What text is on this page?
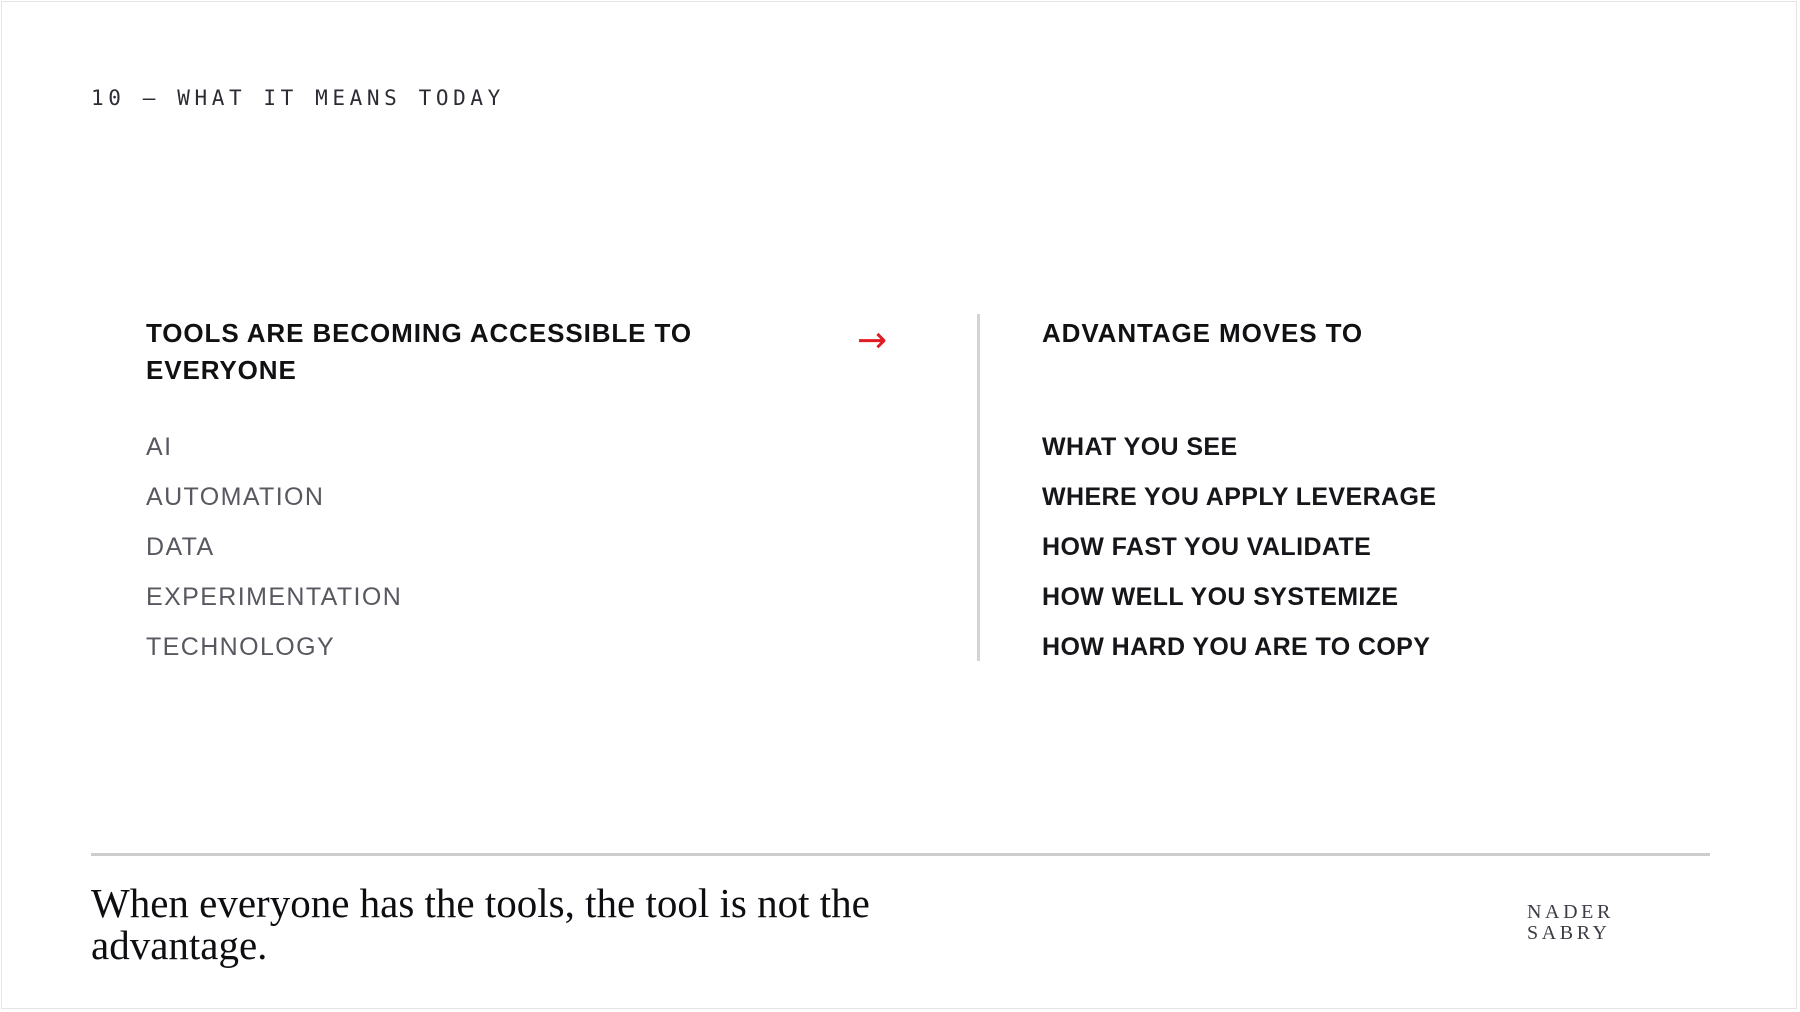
10 — WHAT IT MEANS TODAY
TOOLS ARE BECOMING ACCESSIBLE TO EVERYONE
AI
AUTOMATION
DATA
EXPERIMENTATION
TECHNOLOGY
→	ADVANTAGE MOVES TO
WHAT YOU SEE
WHERE YOU APPLY LEVERAGE
HOW FAST YOU VALIDATE
HOW WELL YOU SYSTEMIZE
HOW HARD YOU ARE TO COPY

When everyone has the tools, the tool is not the advantage.

NADER
SABRY
